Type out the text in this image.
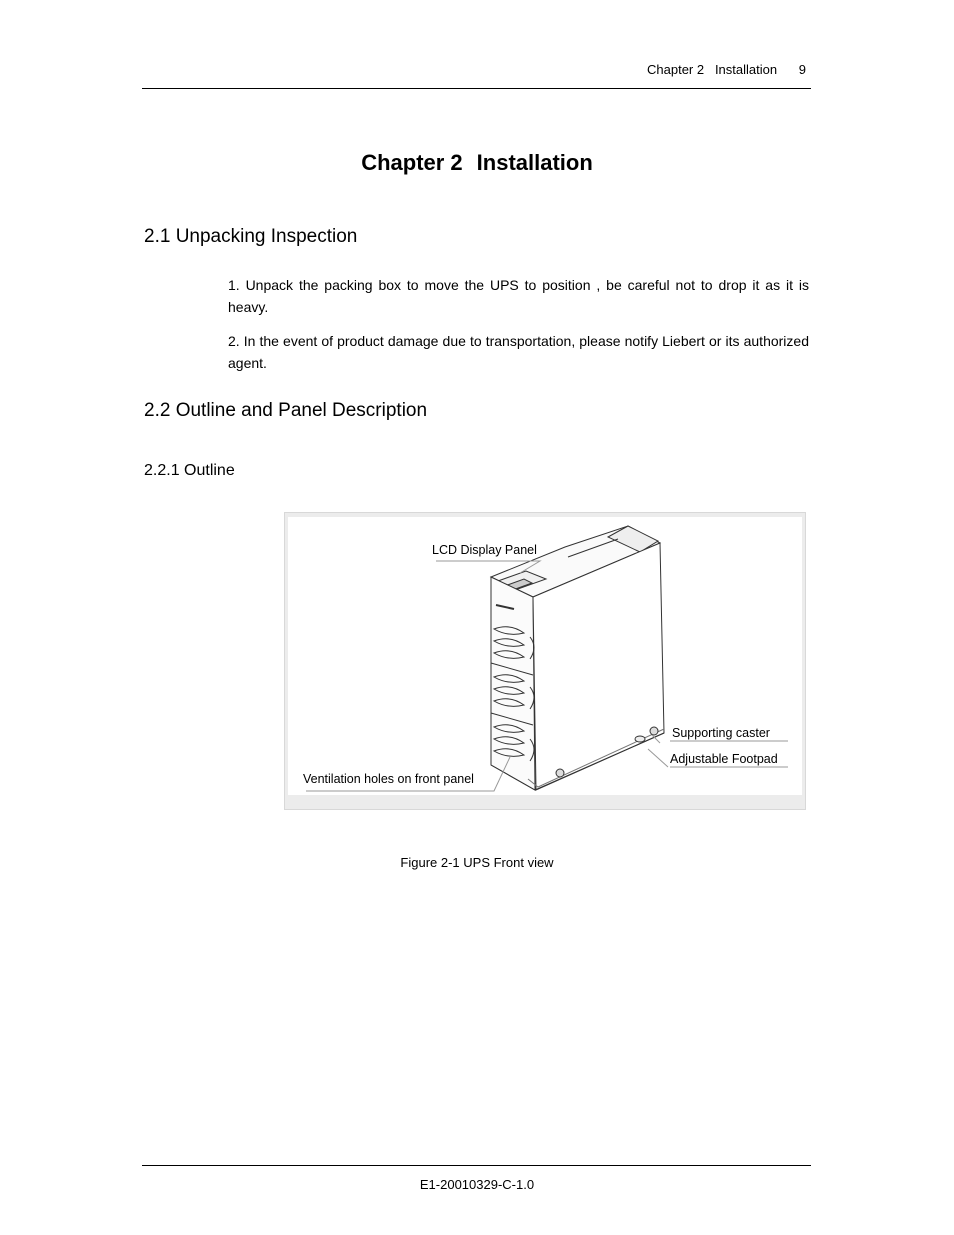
Chapter 2 Installation 9
Chapter 2 Installation
2.1 Unpacking Inspection
1. Unpack the packing box to move the UPS to position , be careful not to drop it as it is heavy.
2. In the event of product damage due to transportation, please notify Liebert or its authorized agent.
2.2 Outline and Panel Description
2.2.1 Outline
LCD Display Panel
Supporting caster
Adjustable Footpad
Ventilation holes on front panel
Figure 2-1 UPS Front view
E1-20010329-C-1.0
